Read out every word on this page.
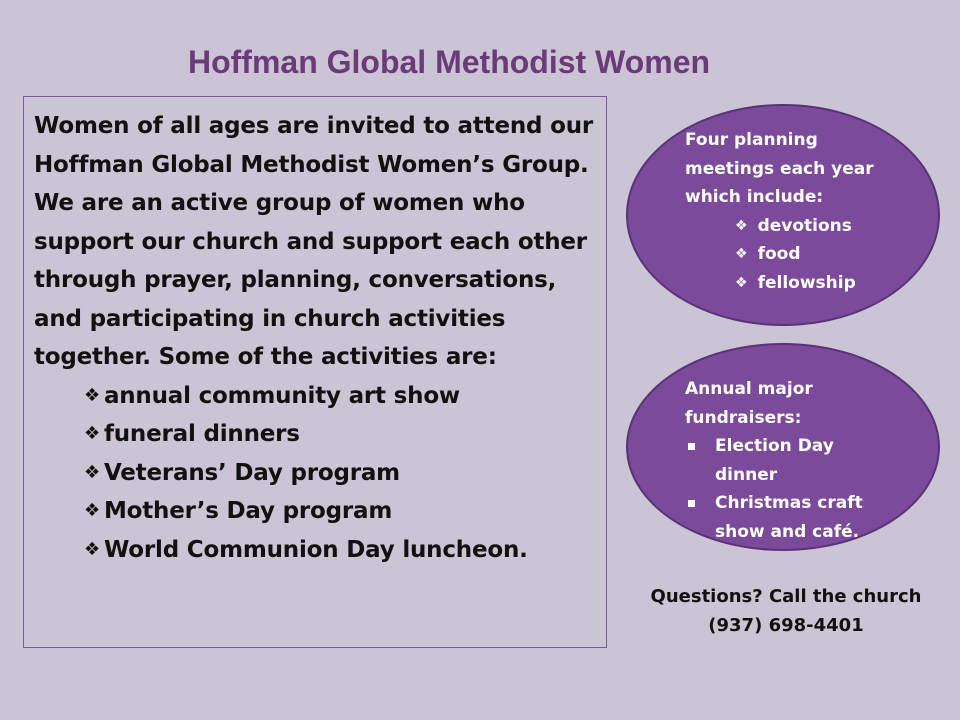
Hoffman Global Methodist Women

Women of all ages are invited to attend our Hoffman Global Methodist Women’s Group. We are an active group of women who support our church and support each other through prayer, planning, conversations, and participating in church activities together. Some of the activities are:

❖ annual community art show
❖ funeral dinners
❖ Veterans’ Day program
❖ Mother’s Day program
❖ World Communion Day luncheon.

Four planning meetings each year which include:

❖ devotions
❖ food
❖ fellowship

Annual major fundraisers:

Election Day dinner
Christmas craft show and café.
Questions? Call the church
(937) 698-4401
